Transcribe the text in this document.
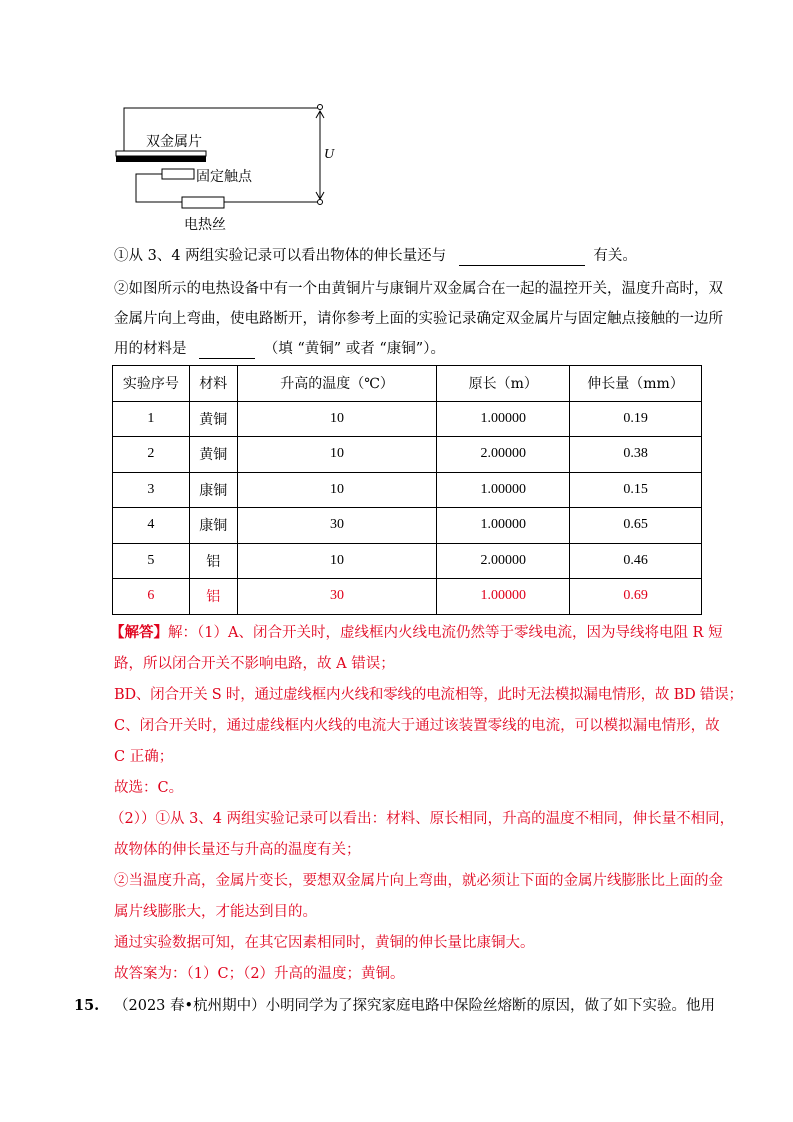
双金属片
固定触点
电热丝
U
①从 3、4 两组实验记录可以看出物体的伸长量还与	有关。
②如图所示的电热设备中有一个由黄铜片与康铜片双金属合在一起的温控开关，温度升高时，双
金属片向上弯曲，使电路断开，请你参考上面的实验记录确定双金属片与固定触点接触的一边所
用的材料是	（填 “黄铜” 或者 “康铜”）。
实验序号	材料	升高的温度（℃）	原长（m）	伸长量（mm）
1	黄铜	10	1.00000	0.19
2	黄铜	10	2.00000	0.38
3	康铜	10	1.00000	0.15
4	康铜	30	1.00000	0.65
5	铝	10	2.00000	0.46
6	铝	30	1.00000	0.69
【解答】解：（1）A、闭合开关时，虚线框内火线电流仍然等于零线电流，因为导线将电阻 R 短
路，所以闭合开关不影响电路，故 A 错误；
BD、闭合开关 S 时，通过虚线框内火线和零线的电流相等，此时无法模拟漏电情形，故 BD 错误；
C、闭合开关时，通过虚线框内火线的电流大于通过该装置零线的电流，可以模拟漏电情形，故
C 正确；
故选：C。
（2））①从 3、4 两组实验记录可以看出：材料、原长相同，升高的温度不相同，伸长量不相同，
故物体的伸长量还与升高的温度有关；
②当温度升高，金属片变长，要想双金属片向上弯曲，就必须让下面的金属片线膨胀比上面的金
属片线膨胀大，才能达到目的。
通过实验数据可知，在其它因素相同时，黄铜的伸长量比康铜大。
故答案为：（1）C；（2）升高的温度；黄铜。
15. （2023 春•杭州期中）小明同学为了探究家庭电路中保险丝熔断的原因，做了如下实验。他用
